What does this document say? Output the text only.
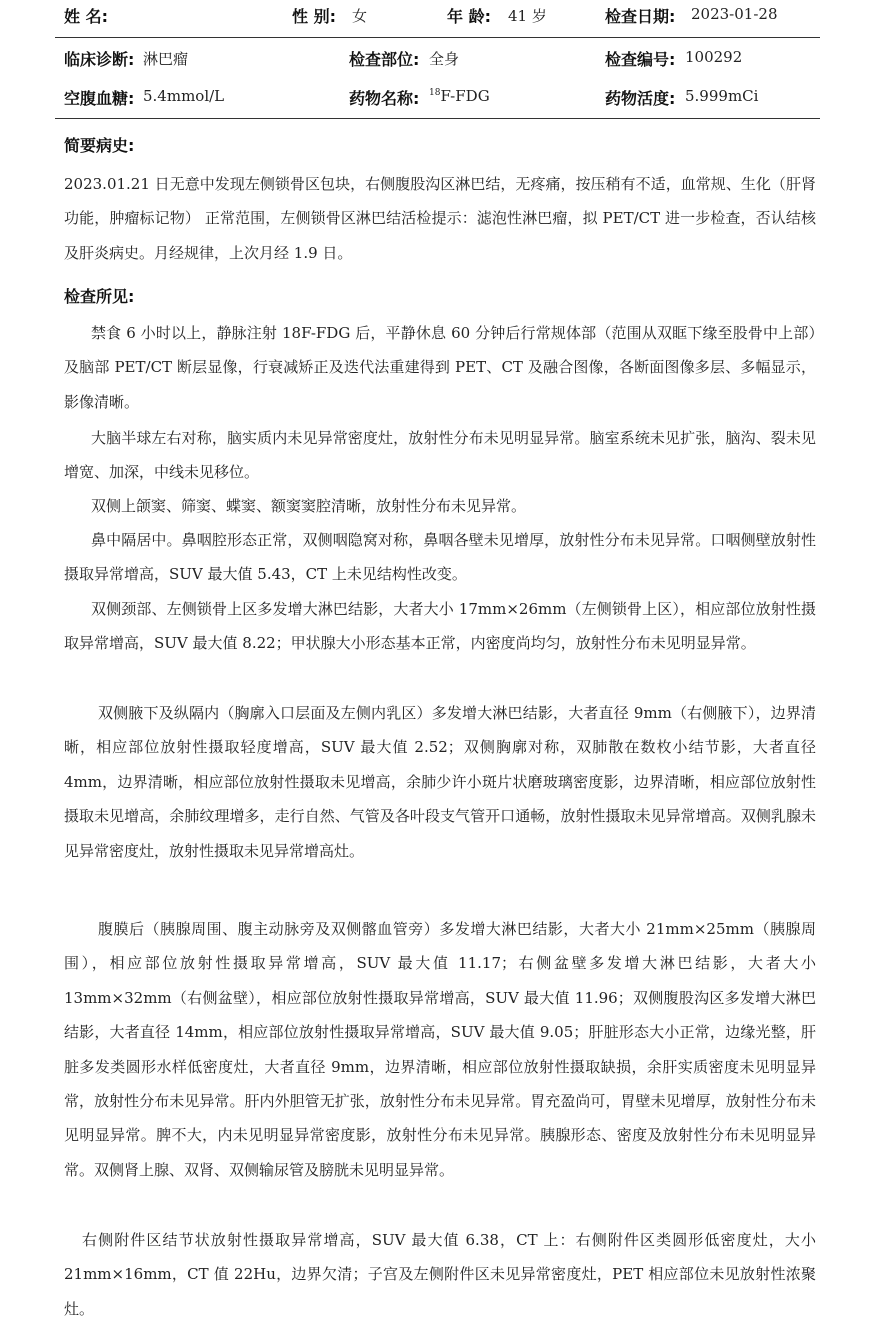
姓 名:	性 别: 女	年 龄: 41 岁	检查日期: 2023-01-28
临床诊断: 淋巴瘤	检查部位: 全身	检查编号: 100292
空腹血糖: 5.4mmol/L	药物名称: $^{18}$F-FDG	药物活度: 5.999mCi
简要病史:

2023.01.21 日无意中发现左侧锁骨区包块，右侧腹股沟区淋巴结，无疼痛，按压稍有不适，血常规、生化（肝肾功能，肿瘤标记物） 正常范围，左侧锁骨区淋巴结活检提示：滤泡性淋巴瘤，拟 PET/CT 进一步检查，否认结核及肝炎病史。月经规律，上次月经 1.9 日。

检查所见:

禁食 6 小时以上，静脉注射 18F-FDG 后，平静休息 60 分钟后行常规体部（范围从双眶下缘至股骨中上部）及脑部 PET/CT 断层显像，行衰减矫正及迭代法重建得到 PET、CT 及融合图像，各断面图像多层、多幅显示，影像清晰。

大脑半球左右对称，脑实质内未见异常密度灶，放射性分布未见明显异常。脑室系统未见扩张，脑沟、裂未见增宽、加深，中线未见移位。

双侧上颌窦、筛窦、蝶窦、额窦窦腔清晰，放射性分布未见异常。

鼻中隔居中。鼻咽腔形态正常，双侧咽隐窝对称，鼻咽各壁未见增厚，放射性分布未见异常。口咽侧壁放射性摄取异常增高，SUV 最大值 5.43，CT 上未见结构性改变。

双侧颈部、左侧锁骨上区多发增大淋巴结影，大者大小 17mm×26mm（左侧锁骨上区），相应部位放射性摄取异常增高，SUV 最大值 8.22；甲状腺大小形态基本正常，内密度尚均匀，放射性分布未见明显异常。

双侧腋下及纵隔内（胸廓入口层面及左侧内乳区）多发增大淋巴结影，大者直径 9mm（右侧腋下），边界清晰，相应部位放射性摄取轻度增高，SUV 最大值 2.52；双侧胸廓对称，双肺散在数枚小结节影，大者直径 4mm，边界清晰，相应部位放射性摄取未见增高，余肺少许小斑片状磨玻璃密度影，边界清晰，相应部位放射性摄取未见增高，余肺纹理增多，走行自然、气管及各叶段支气管开口通畅，放射性摄取未见异常增高。双侧乳腺未见异常密度灶，放射性摄取未见异常增高灶。

腹膜后（胰腺周围、腹主动脉旁及双侧髂血管旁）多发增大淋巴结影，大者大小 21mm×25mm（胰腺周围），相应部位放射性摄取异常增高，SUV 最大值 11.17；右侧盆壁多发增大淋巴结影，大者大小 13mm×32mm（右侧盆壁），相应部位放射性摄取异常增高，SUV 最大值 11.96；双侧腹股沟区多发增大淋巴结影，大者直径 14mm，相应部位放射性摄取异常增高，SUV 最大值 9.05；肝脏形态大小正常，边缘光整，肝脏多发类圆形水样低密度灶，大者直径 9mm，边界清晰，相应部位放射性摄取缺损，余肝实质密度未见明显异常，放射性分布未见异常。肝内外胆管无扩张，放射性分布未见异常。胃充盈尚可，胃壁未见增厚，放射性分布未见明显异常。脾不大，内未见明显异常密度影，放射性分布未见异常。胰腺形态、密度及放射性分布未见明显异常。双侧肾上腺、双肾、双侧输尿管及膀胱未见明显异常。

右侧附件区结节状放射性摄取异常增高，SUV 最大值 6.38，CT 上：右侧附件区类圆形低密度灶，大小 21mm×16mm，CT 值 22Hu，边界欠清；子宫及左侧附件区未见异常密度灶，PET 相应部位未见放射性浓聚灶。
